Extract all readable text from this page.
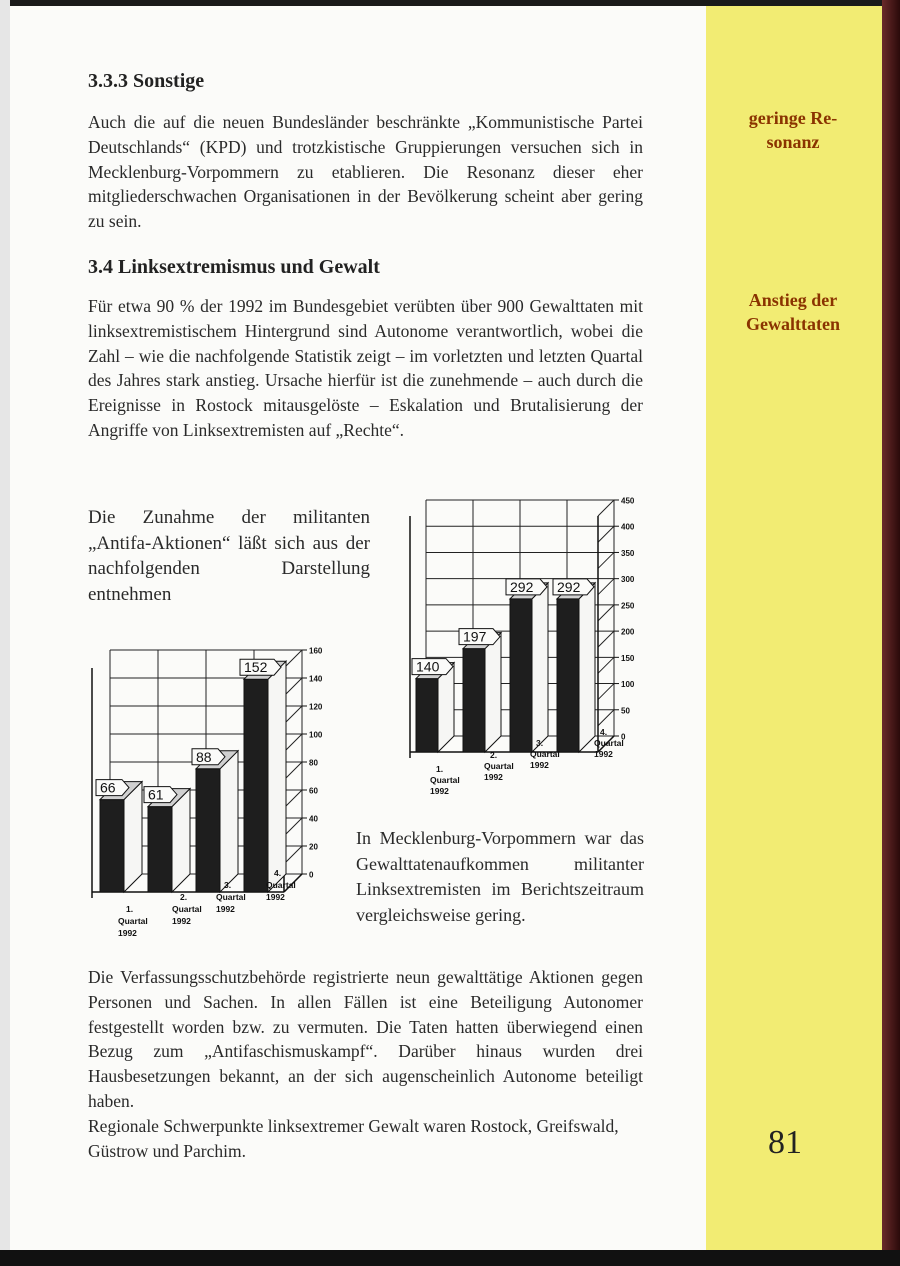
geringe Re-
sonanz
Anstieg der
Gewalttaten
3.3.3 Sonstige

Auch die auf die neuen Bundesländer beschränkte „Kommunistische Partei Deutschlands“ (KPD) und trotzkistische Gruppierungen versuchen sich in Mecklenburg-Vorpommern zu etablieren. Die Resonanz dieser eher mitgliederschwachen Organisationen in der Bevölkerung scheint aber gering zu sein.

3.4 Linksextremismus und Gewalt

Für etwa 90 % der 1992 im Bundesgebiet verübten über 900 Gewalttaten mit linksextremistischem Hintergrund sind Autonome verantwortlich, wobei die Zahl – wie die nachfolgende Statistik zeigt – im vorletzten und letzten Quartal des Jahres stark anstieg. Ursache hierfür ist die zunehmende – auch durch die Ereignisse in Rostock mitausgelöste – Eskalation und Brutalisierung der Angriffe von Linksextremisten auf „Rechte“.

Die Zunahme der militanten „Antifa-Aktionen“ läßt sich aus der nachfolgenden Darstellung entnehmen

0
50
100
150
200
250
300
350
400
450
140
197
292 292
1.
Quartal
1992
2.
Quartal
1992
3.
Quartal
1992
4.
Quartal
1992
0
20
40
60
80
100
120
140
160
66 61
88
152
1.
Quartal
1992
2.
Quartal
1992
3.
Quartal
1992
4.
Quartal
1992

In Mecklenburg-Vorpommern war das Gewalttatenaufkommen militanter Linksextremisten im Berichtszeitraum vergleichsweise gering.

Die Verfassungsschutzbehörde registrierte neun gewalttätige Aktionen gegen Personen und Sachen. In allen Fällen ist eine Beteiligung Autonomer festgestellt worden bzw. zu vermuten. Die Taten hatten überwiegend einen Bezug zum „Antifaschismuskampf“. Darüber hinaus wurden drei Hausbesetzungen bekannt, an der sich augenscheinlich Autonome beteiligt haben.

Regionale Schwerpunkte linksextremer Gewalt waren Rostock, Greifswald, Güstrow und Parchim.	81
